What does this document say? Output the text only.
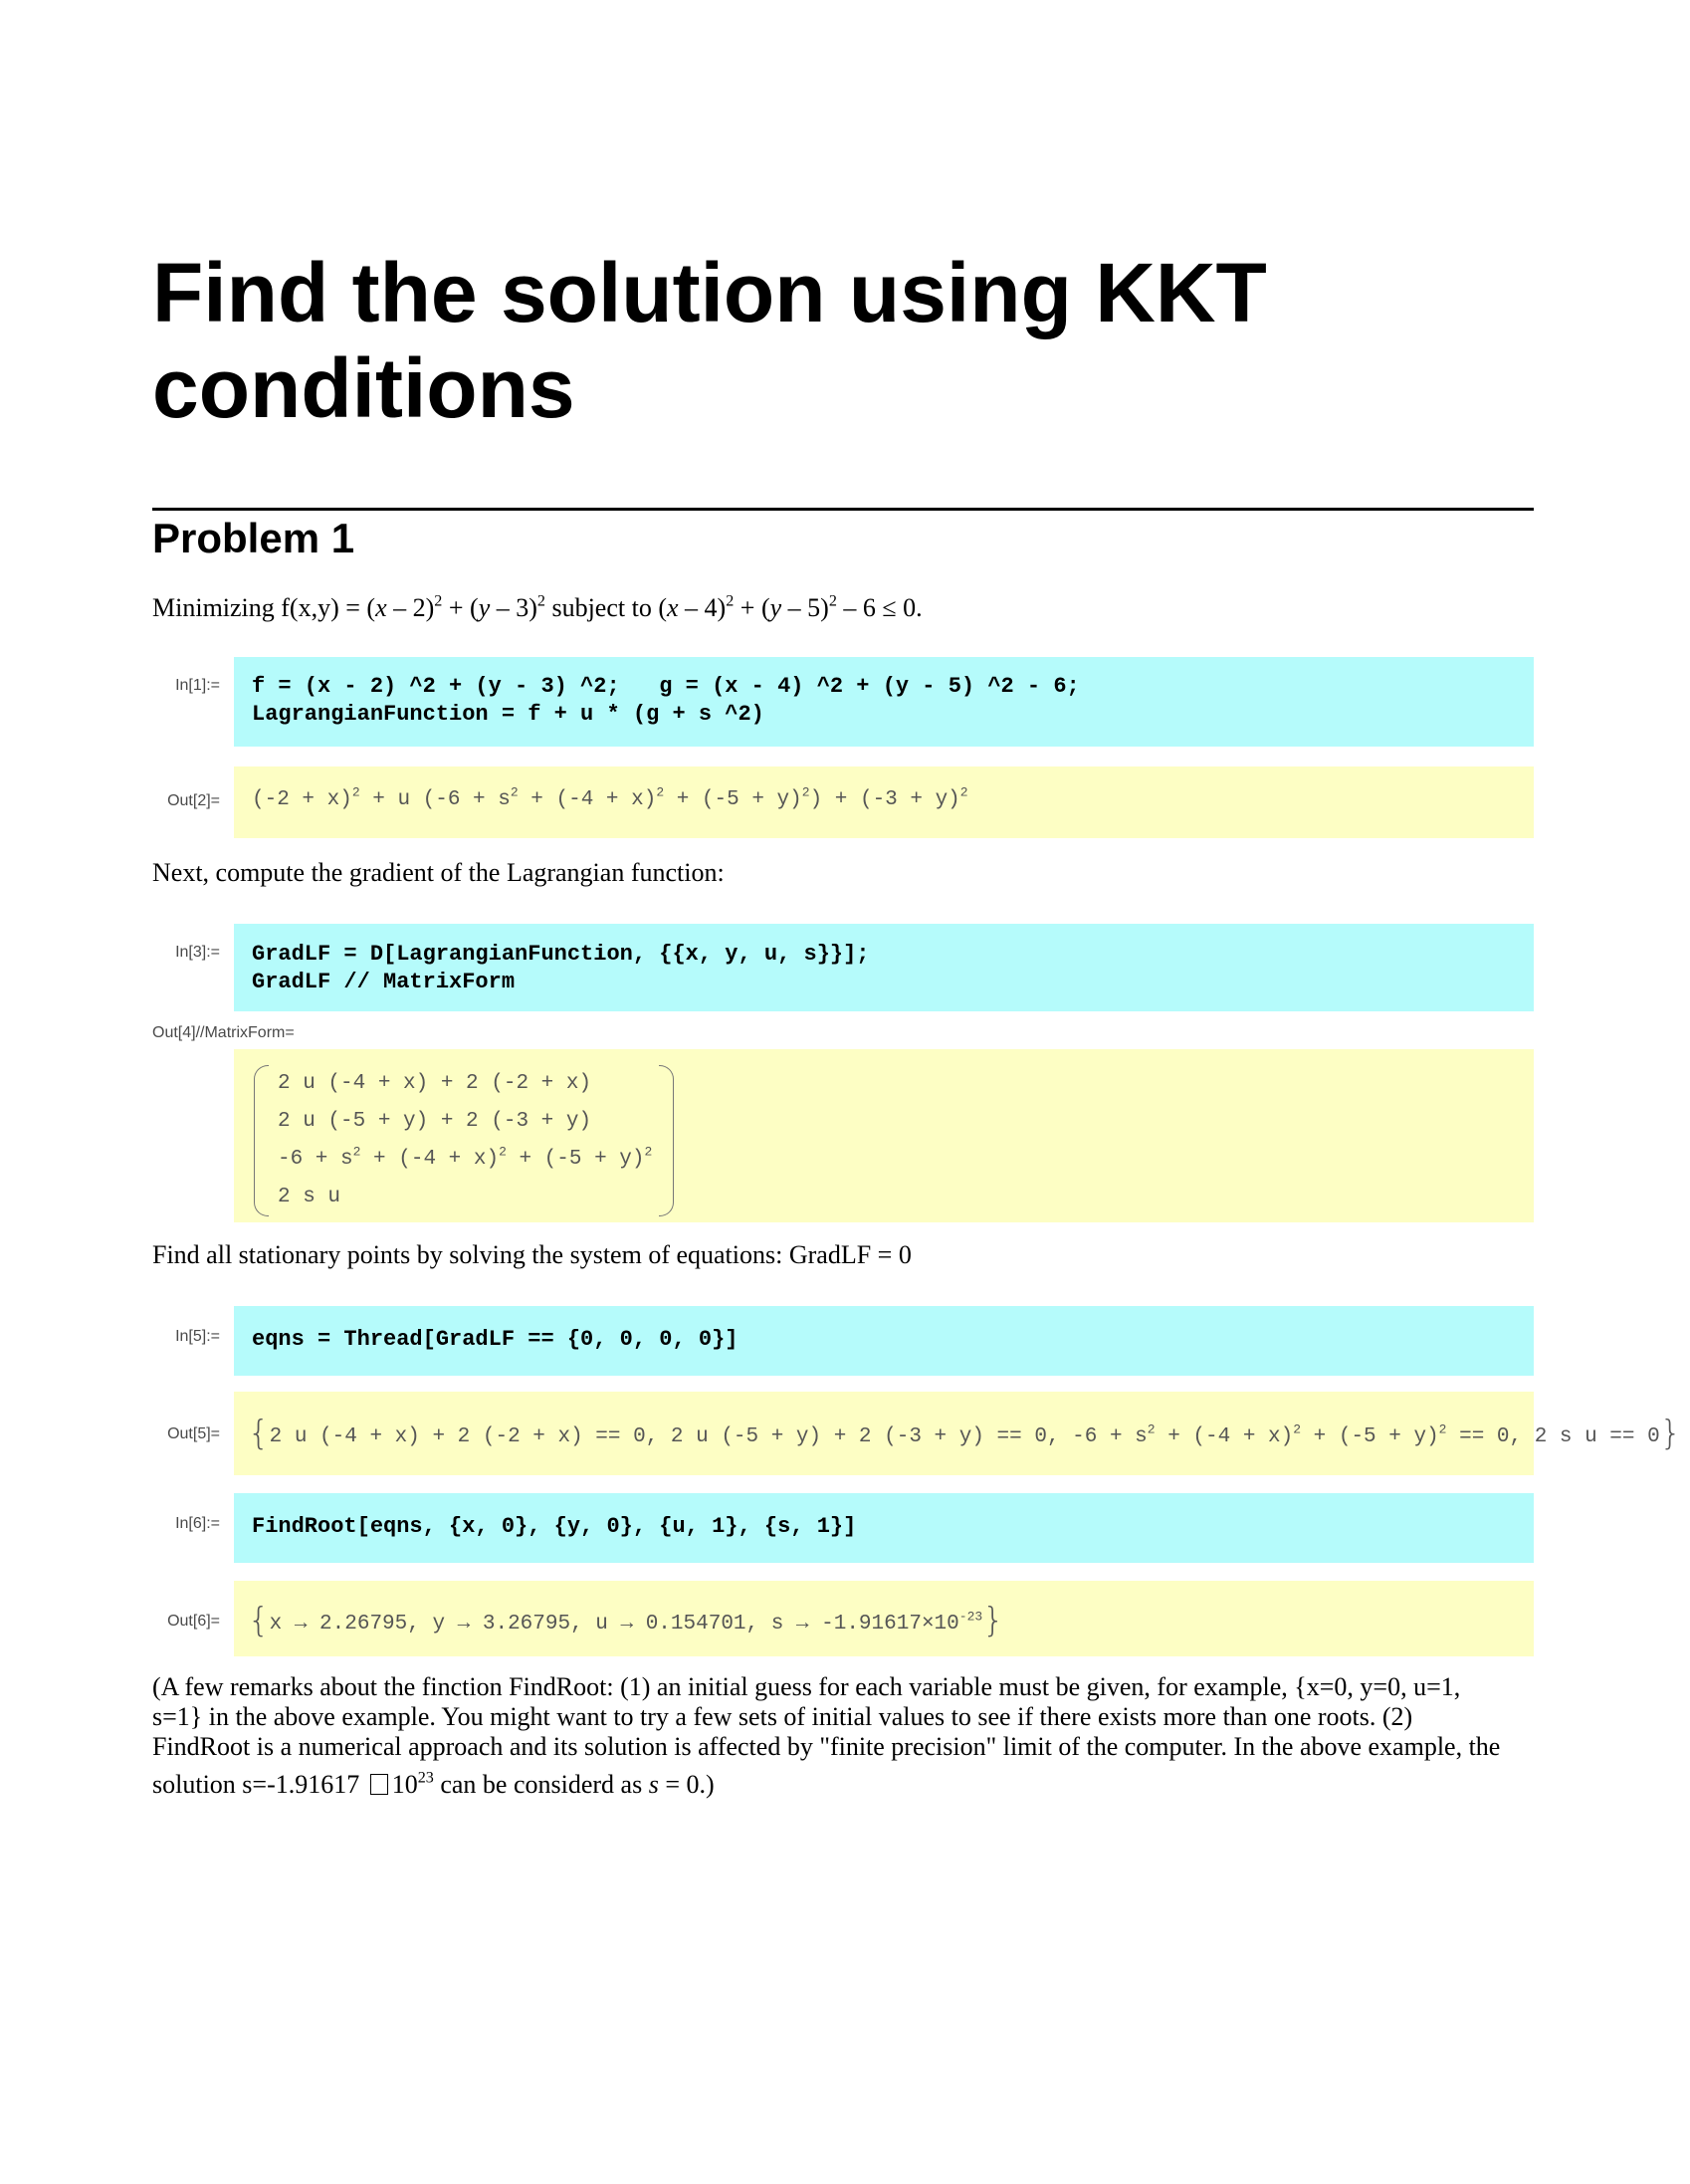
Find the solution using KKT conditions
Problem 1
Minimizing f(x,y) = (x – 2)$^2$ + (y – 3)$^2$ subject to (x – 4)$^2$ + (y – 5)$^2$ – 6 ≤ 0.
In[1]:= f = (x - 2) ^2 + (y - 3) ^2;   g = (x - 4) ^2 + (y - 5) ^2 - 6;
LagrangianFunction = f + u * (g + s ^2)
Out[2]=	$(-2 + x)^2 + u$ $(-6 + s^2 + (-4 + x)^2 + (-5 + y)^2) + (-3 + y)^2$
Next, compute the gradient of the Lagrangian function:
In[3]:= GradLF = D[LagrangianFunction, {{x, y, u, s}}];
GradLF // MatrixForm
Out[4]//MatrixForm=
2 u (-4 + x) + 2 (-2 + x)
2 u (-5 + y) + 2 (-3 + y)
$-6 + s^2 + (-4 + x)^2 + (-5 + y)^2$
2 s u
Find all stationary points by solving the system of equations: GradLF = 0
In[5]:= eqns = Thread[GradLF == {0, 0, 0, 0}]
Out[5]= {2 u (-4 + x) + 2 (-2 + x) == 0, 2 u (-5 + y) + 2 (-3 + y) == 0, $-6 + s^2 + (-4 + x)^2 + (-5 + y)^2 == 0$, 2 s u == 0}
In[6]:= FindRoot[eqns, {x, 0}, {y, 0}, {u, 1}, {s, 1}]
Out[6]= {x → 2.26795, y → 3.26795, u → 0.154701, $s \to -1.91617\times 10^{-23}$}
(A few remarks about the finction FindRoot: (1) an initial guess for each variable must be given, for example, {x=0, y=0, u=1,
s=1} in the above example. You might want to try a few sets of initial values to see if there exists more than one roots. (2)
FindRoot is a numerical approach and its solution is affected by "finite precision" limit of the computer. In the above example, the
solution s=-1.91617 $10^{23}$ can be considerd as s = 0.)
